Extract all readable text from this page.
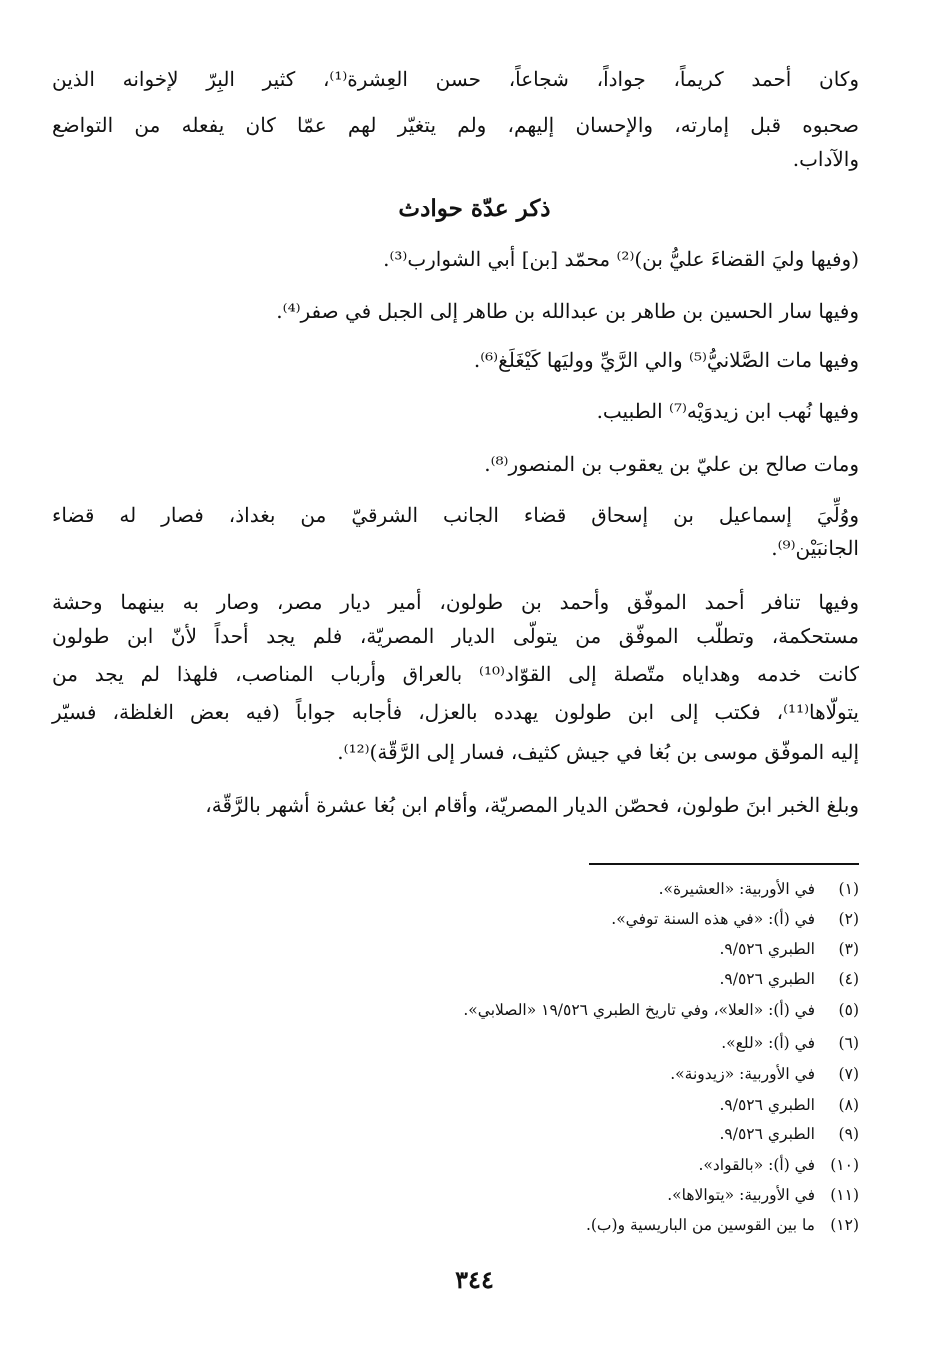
وكان أحمد كريماً، جواداً، شجاعاً، حسن العِشرة⁽¹⁾، كثير البِرّ لإخوانه الذين
صحبوه قبل إمارته، والإحسان إليهم، ولم يتغيّر لهم عمّا كان يفعله من التواضع
والآداب.
ذكر عدّة حوادث
(وفيها وليَ القضاءَ عليُّ بن)⁽²⁾ محمّد [بن] أبي الشوارب⁽³⁾.
وفيها سار الحسين بن طاهر بن عبدالله بن طاهر إلى الجبل في صفر⁽⁴⁾.
وفيها مات الصَّلانيُّ⁽⁵⁾ والي الرَّيِّ ووليَها كَيْغَلَغ⁽⁶⁾.
وفيها نُهب ابن زيدوَيْه⁽⁷⁾ الطبيب.
ومات صالح بن عليّ بن يعقوب بن المنصور⁽⁸⁾.
ووُلِّيَ إسماعيل بن إسحاق قضاء الجانب الشرقيّ من بغداذ، فصار له قضاء
الجانبَيْن⁽⁹⁾.
وفيها تنافر أحمد الموفّق وأحمد بن طولون، أمير ديار مصر، وصار به بينهما وحشة
مستحكمة، وتطلّب الموفّق من يتولّى الديار المصريّة، فلم يجد أحداً لأنّ ابن طولون
كانت خدمه وهداياه متّصلة إلى القوّاد⁽¹⁰⁾ بالعراق وأرباب المناصب، فلهذا لم يجد من
يتولّاها⁽¹¹⁾، فكتب إلى ابن طولون يهدده بالعزل، فأجابه جواباً (فيه بعض الغلظة، فسيّر
إليه الموفّق موسى بن بُغا في جيش كثيف، فسار إلى الرَّقّة)⁽¹²⁾.
وبلغ الخبر ابنَ طولون، فحصّن الديار المصريّة، وأقام ابن بُغا عشرة أشهر بالرَّقّة،
(١)في الأوربية: «العشيرة».
(٢)في (أ): «في هذه السنة توفي».
(٣)الطبري ٩/٥٢٦.
(٤)الطبري ٩/٥٢٦.
(٥)في (أ): «العلا»، وفي تاريخ الطبري ١٩/٥٢٦ «الصلابي».
(٦)في (أ): «للع».
(٧)في الأوربية: «زيدونة».
(٨)الطبري ٩/٥٢٦.
(٩)الطبري ٩/٥٢٦.
(١٠)في (أ): «بالقواد».
(١١)في الأوربية: «يتوالاها».
(١٢)ما بين القوسين من الباريسية و(ب).
٣٤٤
